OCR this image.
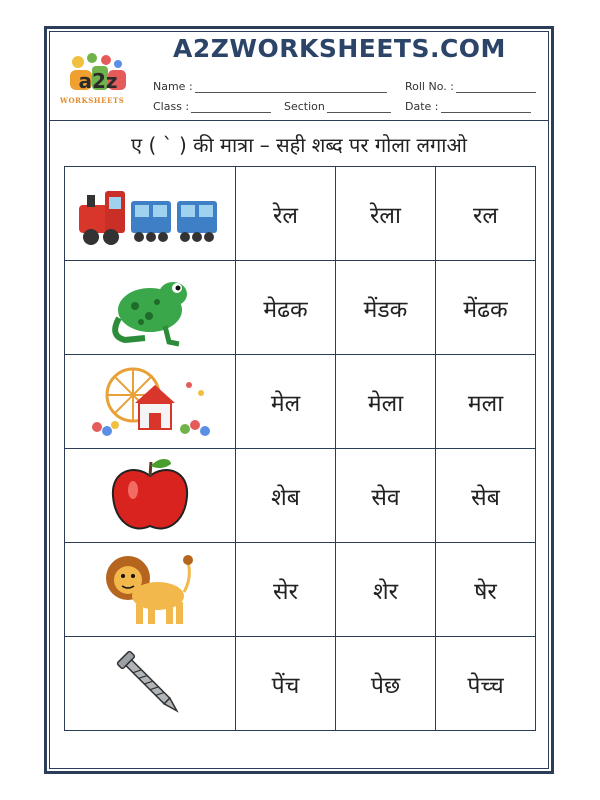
a2z
WORKSHEETS
A2ZWORKSHEETS.COM
Name :	Roll No. :
Class :	Section	Date :
ए ( ` ) की मात्रा – सही शब्द पर गोला लगाओ
	रेल	रेला	रल

	मेढक	मेंडक	मेंढक

	मेल	मेला	मला

	शेब	सेव	सेब

	सेर	शेर	षेर

	पेंच	पेछ	पेच्च
